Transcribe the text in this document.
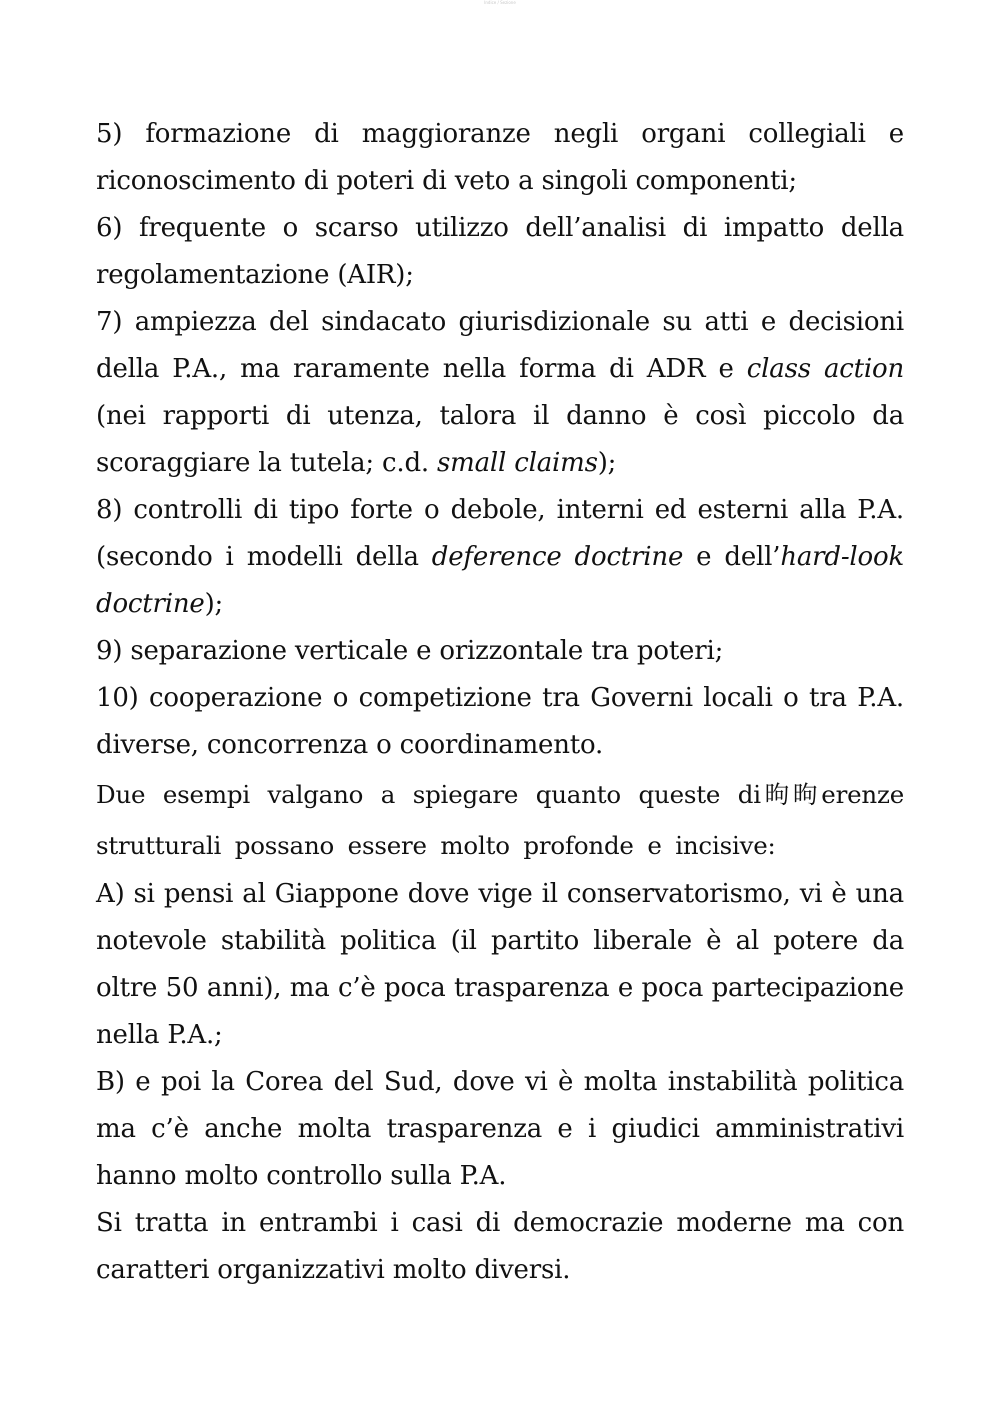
Indice / Sezione

5) formazione di maggioranze negli organi collegiali e riconoscimento di poteri di veto a singoli componenti;

6) frequente o scarso utilizzo dell’analisi di impatto della regolamentazione (AIR);

7) ampiezza del sindacato giurisdizionale su atti e decisioni della P.A., ma raramente nella forma di ADR e class action (nei rapporti di utenza, talora il danno è così piccolo da scoraggiare la tutela; c.d. small claims);

8) controlli di tipo forte o debole, interni ed esterni alla P.A. (secondo i modelli della deference doctrine e dell’hard-look doctrine);

9) separazione verticale e orizzontale tra poteri;

10) cooperazione o competizione tra Governi locali o tra P.A. diverse, concorrenza o coordinamento.

Due esempi valgano a spiegare quanto queste di昫昫erenze strutturali possano essere molto profonde e incisive:

A) si pensi al Giappone dove vige il conservatorismo, vi è una notevole stabilità politica (il partito liberale è al potere da oltre 50 anni), ma c’è poca trasparenza e poca partecipazione nella P.A.;

B) e poi la Corea del Sud, dove vi è molta instabilità politica ma c’è anche molta trasparenza e i giudici amministrativi hanno molto controllo sulla P.A.

Si tratta in entrambi i casi di democrazie moderne ma con caratteri organizzativi molto diversi.
